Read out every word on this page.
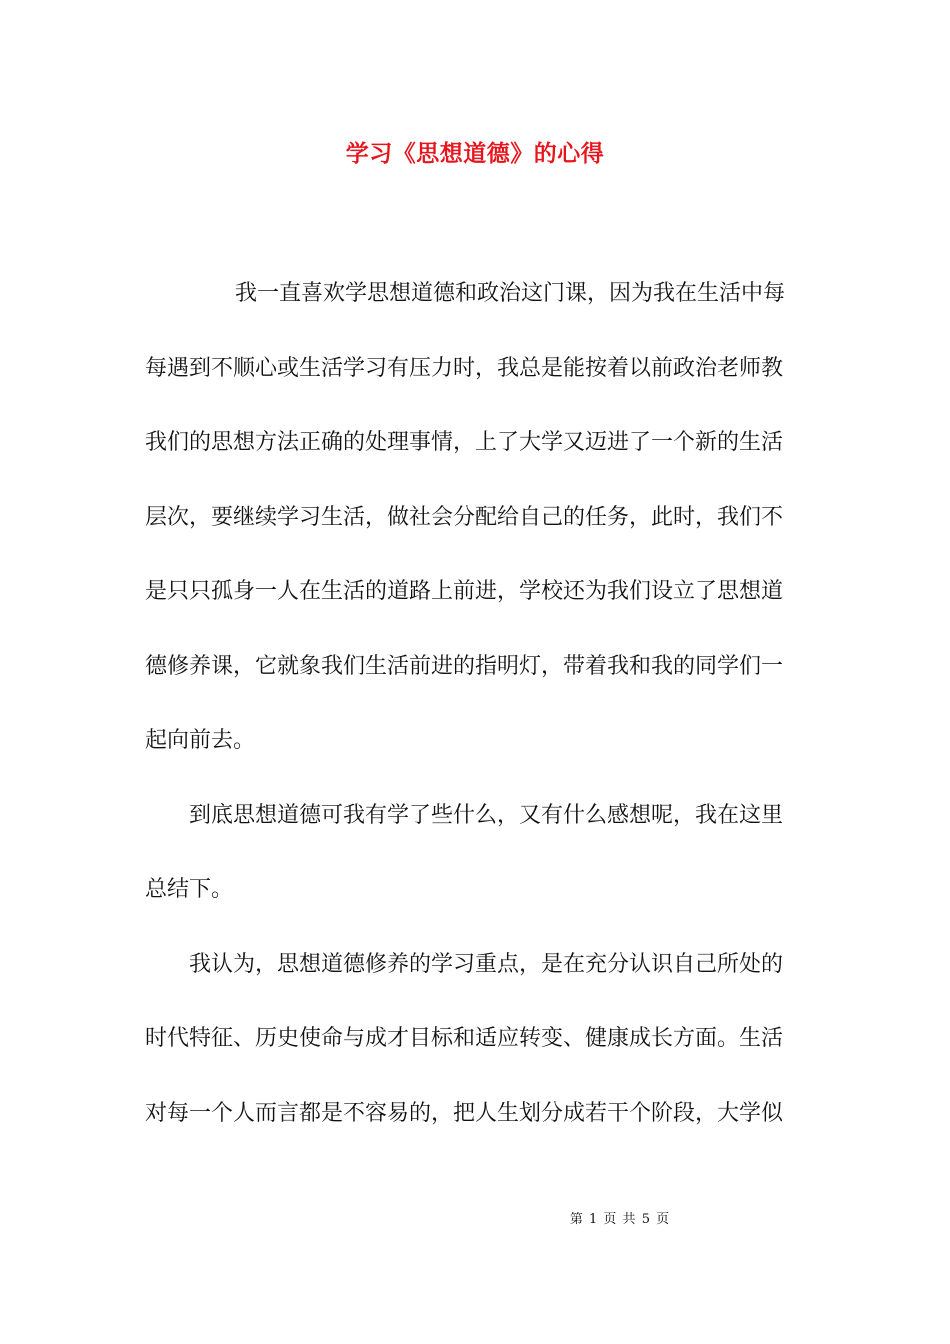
学习《思想道德》的心得
我一直喜欢学思想道德和政治这门课，因为我在生活中每
每遇到不顺心或生活学习有压力时，我总是能按着以前政治老师教
我们的思想方法正确的处理事情，上了大学又迈进了一个新的生活
层次，要继续学习生活，做社会分配给自己的任务，此时，我们不
是只只孤身一人在生活的道路上前进，学校还为我们设立了思想道
德修养课，它就象我们生活前进的指明灯，带着我和我的同学们一
起向前去。
到底思想道德可我有学了些什么，又有什么感想呢，我在这里
总结下。
我认为，思想道德修养的学习重点，是在充分认识自己所处的
时代特征、历史使命与成才目标和适应转变、健康成长方面。生活
对每一个人而言都是不容易的，把人生划分成若干个阶段，大学似
第 1 页 共 5 页
